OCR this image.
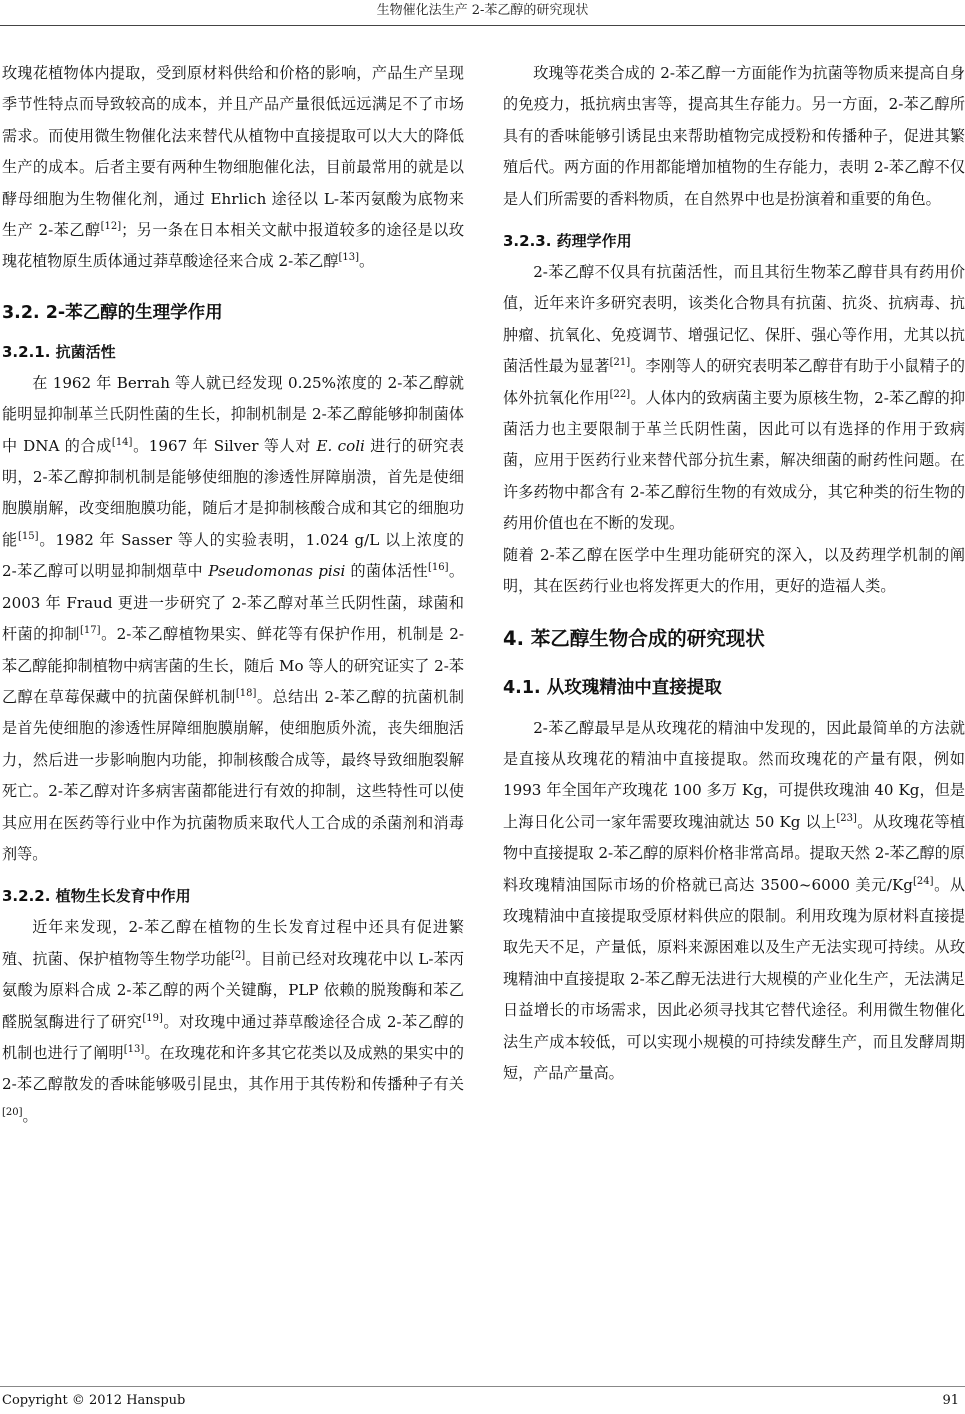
生物催化法生产 2-苯乙醇的研究现状

玫瑰花植物体内提取，受到原材料供给和价格的影响，产品生产呈现季节性特点而导致较高的成本，并且产品产量很低远远满足不了市场需求。而使用微生物催化法来替代从植物中直接提取可以大大的降低生产的成本。后者主要有两种生物细胞催化法，目前最常用的就是以酵母细胞为生物催化剂，通过 Ehrlich 途径以 L-苯丙氨酸为底物来生产 2-苯乙醇[12]；另一条在日本相关文献中报道较多的途径是以玫瑰花植物原生质体通过莽草酸途径来合成 2-苯乙醇[13]。

3.2. 2-苯乙醇的生理学作用
3.2.1. 抗菌活性

在 1962 年 Berrah 等人就已经发现 0.25%浓度的 2-苯乙醇就能明显抑制革兰氏阴性菌的生长，抑制机制是 2-苯乙醇能够抑制菌体中 DNA 的合成[14]。1967 年 Silver 等人对 E. coli 进行的研究表明，2-苯乙醇抑制机制是能够使细胞的渗透性屏障崩溃，首先是使细胞膜崩解，改变细胞膜功能，随后才是抑制核酸合成和其它的细胞功能[15]。1982 年 Sasser 等人的实验表明，1.024 g/L 以上浓度的 2-苯乙醇可以明显抑制烟草中 Pseudomonas pisi 的菌体活性[16]。2003 年 Fraud 更进一步研究了 2-苯乙醇对革兰氏阴性菌，球菌和杆菌的抑制[17]。2-苯乙醇植物果实、鲜花等有保护作用，机制是 2-苯乙醇能抑制植物中病害菌的生长，随后 Mo 等人的研究证实了 2-苯乙醇在草莓保藏中的抗菌保鲜机制[18]。总结出 2-苯乙醇的抗菌机制是首先使细胞的渗透性屏障细胞膜崩解，使细胞质外流，丧失细胞活力，然后进一步影响胞内功能，抑制核酸合成等，最终导致细胞裂解死亡。2-苯乙醇对许多病害菌都能进行有效的抑制，这些特性可以使其应用在医药等行业中作为抗菌物质来取代人工合成的杀菌剂和消毒剂等。

3.2.2. 植物生长发育中作用

近年来发现，2-苯乙醇在植物的生长发育过程中还具有促进繁殖、抗菌、保护植物等生物学功能[2]。目前已经对玫瑰花中以 L-苯丙氨酸为原料合成 2-苯乙醇的两个关键酶，PLP 依赖的脱羧酶和苯乙醛脱氢酶进行了研究[19]。对玫瑰中通过莽草酸途径合成 2-苯乙醇的机制也进行了阐明[13]。在玫瑰花和许多其它花类以及成熟的果实中的 2-苯乙醇散发的香味能够吸引昆虫，其作用于其传粉和传播种子有关[20]。

玫瑰等花类合成的 2-苯乙醇一方面能作为抗菌等物质来提高自身的免疫力，抵抗病虫害等，提高其生存能力。另一方面，2-苯乙醇所具有的香味能够引诱昆虫来帮助植物完成授粉和传播种子，促进其繁殖后代。两方面的作用都能增加植物的生存能力，表明 2-苯乙醇不仅是人们所需要的香料物质，在自然界中也是扮演着和重要的角色。

3.2.3. 药理学作用

2-苯乙醇不仅具有抗菌活性，而且其衍生物苯乙醇苷具有药用价值，近年来许多研究表明，该类化合物具有抗菌、抗炎、抗病毒、抗肿瘤、抗氧化、免疫调节、增强记忆、保肝、强心等作用，尤其以抗菌活性最为显著[21]。李刚等人的研究表明苯乙醇苷有助于小鼠精子的体外抗氧化作用[22]。人体内的致病菌主要为原核生物，2-苯乙醇的抑菌活力也主要限制于革兰氏阴性菌，因此可以有选择的作用于致病菌，应用于医药行业来替代部分抗生素，解决细菌的耐药性问题。在许多药物中都含有 2-苯乙醇衍生物的有效成分，其它种类的衍生物的药用价值也在不断的发现。

随着 2-苯乙醇在医学中生理功能研究的深入，以及药理学机制的阐明，其在医药行业也将发挥更大的作用，更好的造福人类。

4. 苯乙醇生物合成的研究现状
4.1. 从玫瑰精油中直接提取

2-苯乙醇最早是从玫瑰花的精油中发现的，因此最简单的方法就是直接从玫瑰花的精油中直接提取。然而玫瑰花的产量有限，例如 1993 年全国年产玫瑰花 100 多万 Kg，可提供玫瑰油 40 Kg，但是上海日化公司一家年需要玫瑰油就达 50 Kg 以上[23]。从玫瑰花等植物中直接提取 2-苯乙醇的原料价格非常高昂。提取天然 2-苯乙醇的原料玫瑰精油国际市场的价格就已高达 3500~6000 美元/Kg[24]。从玫瑰精油中直接提取受原材料供应的限制。利用玫瑰为原材料直接提取先天不足，产量低，原料来源困难以及生产无法实现可持续。从玫瑰精油中直接提取 2-苯乙醇无法进行大规模的产业化生产，无法满足日益增长的市场需求，因此必须寻找其它替代途径。利用微生物催化法生产成本较低，可以实现小规模的可持续发酵生产，而且发酵周期短，产品产量高。

Copyright © 2012 Hanspub	91
